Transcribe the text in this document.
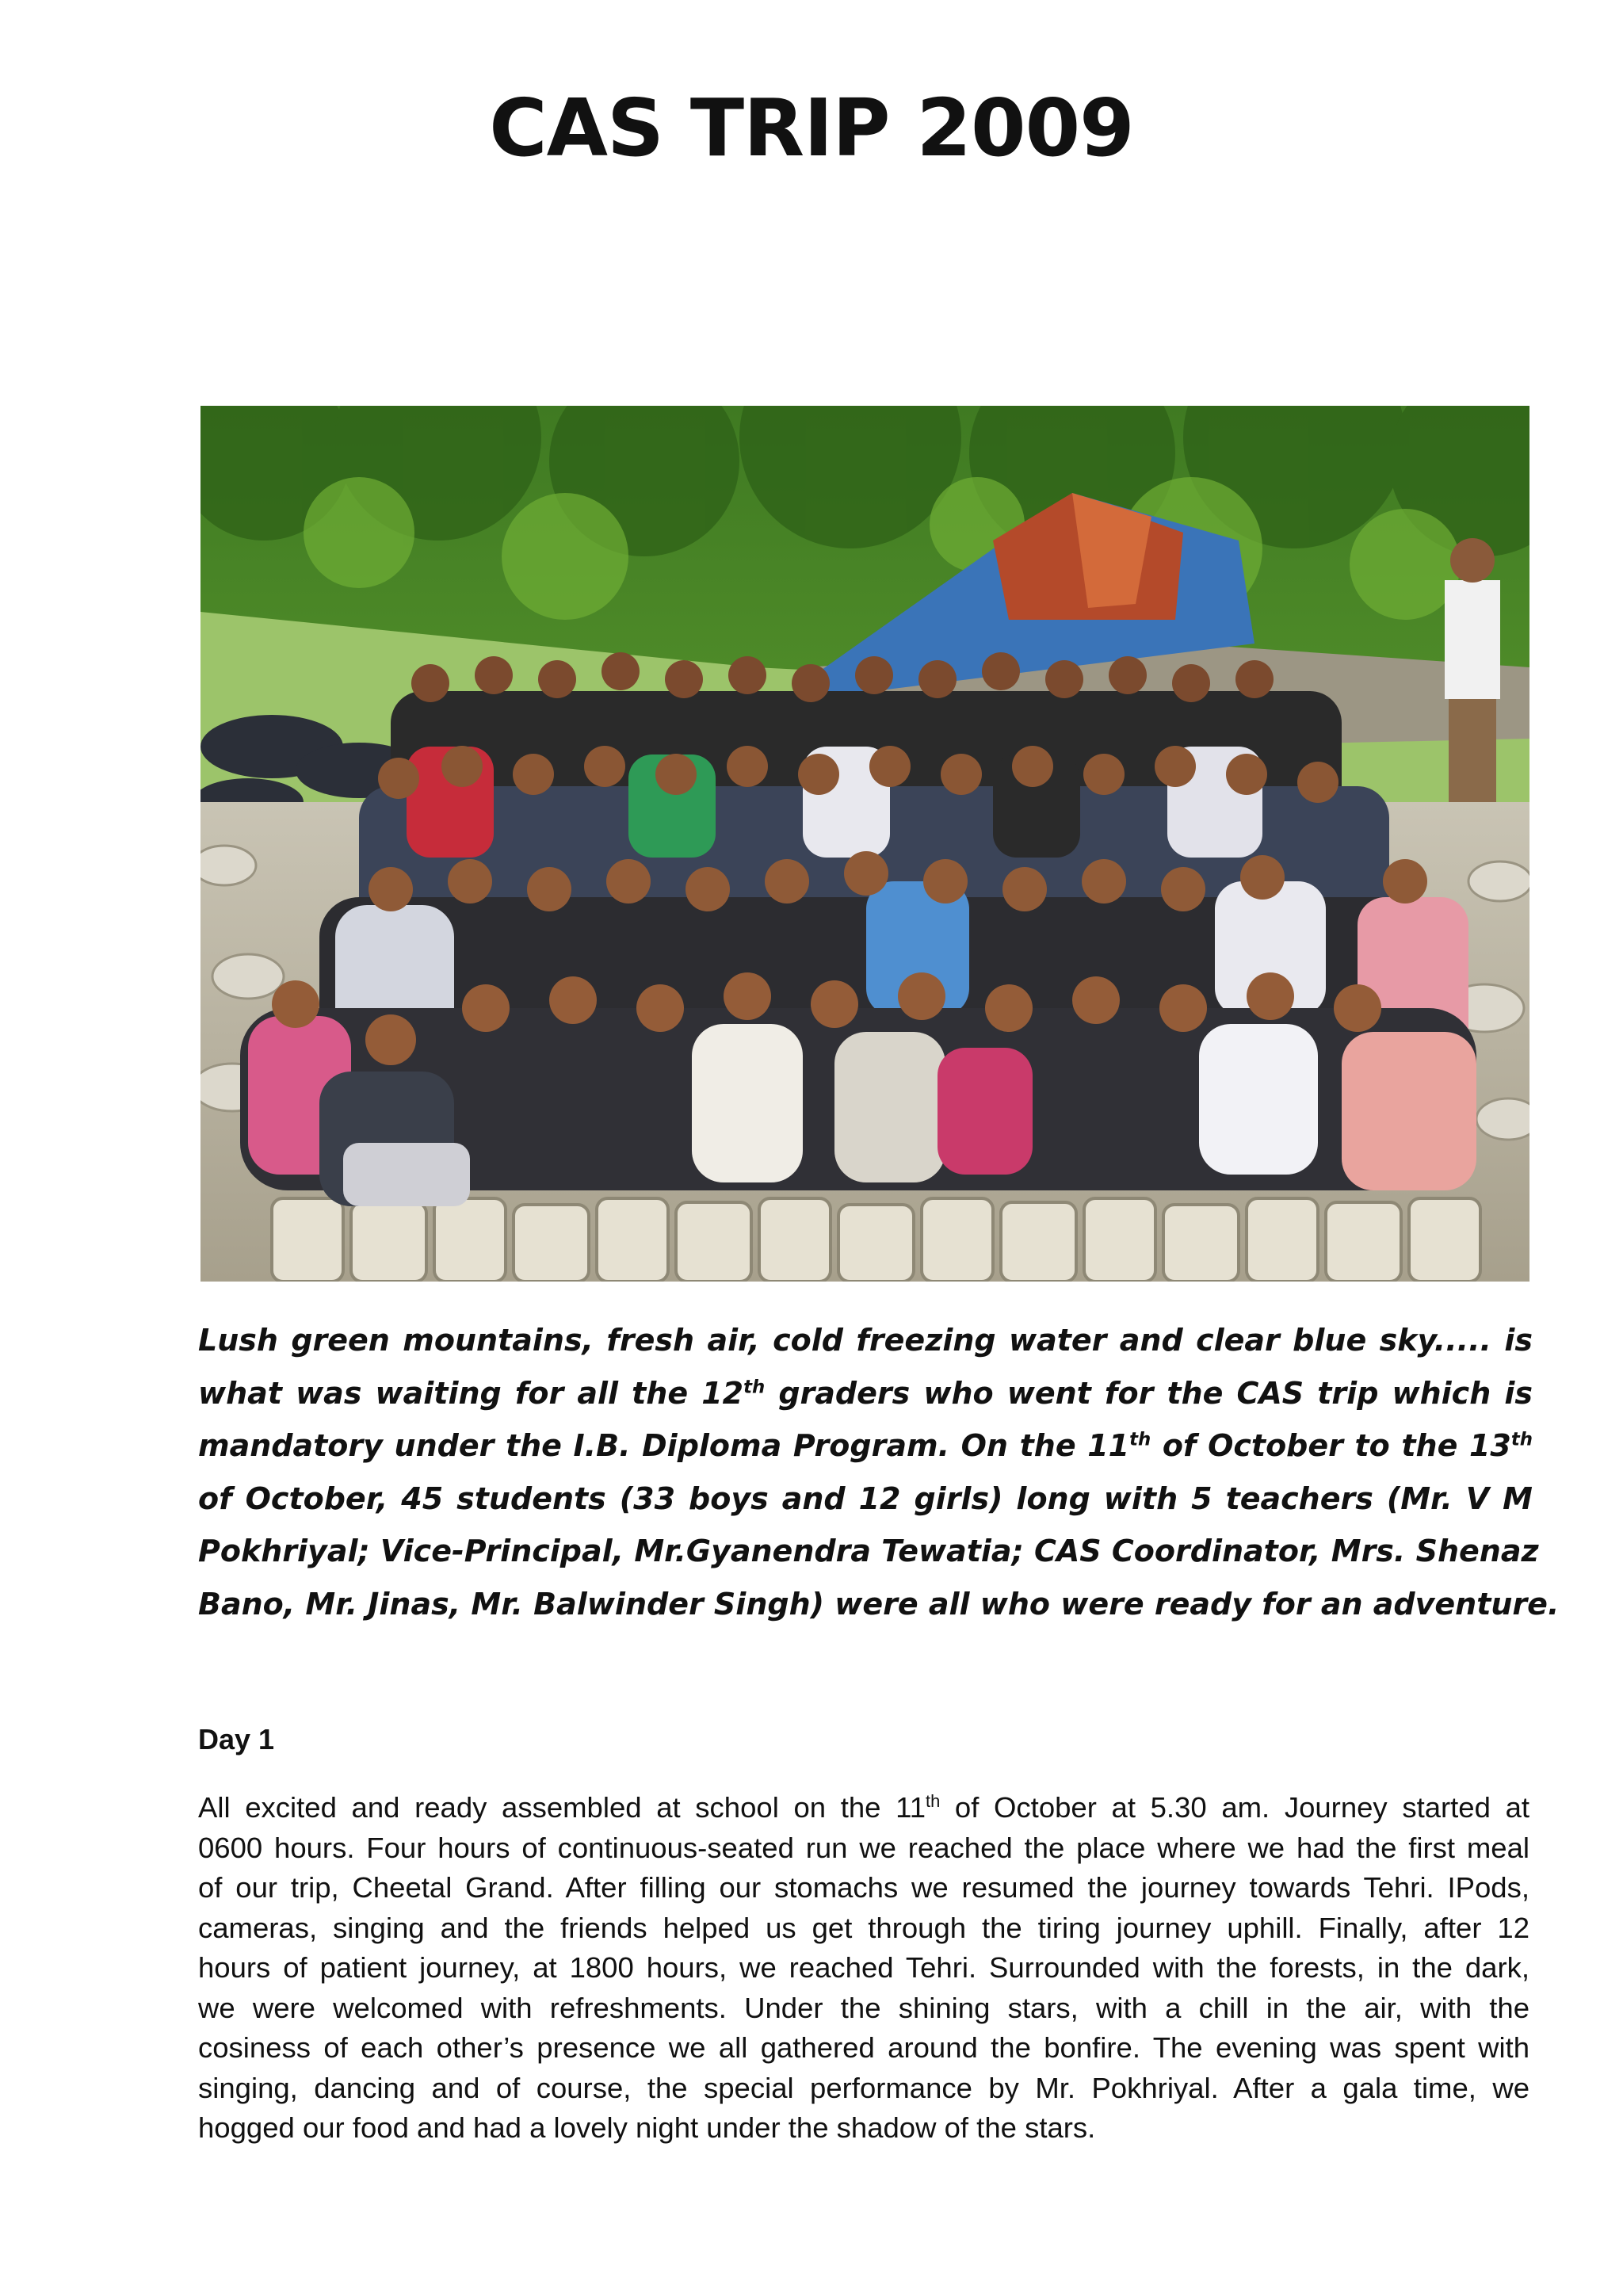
CAS TRIP 2009
Lush green mountains, fresh air, cold freezing water and clear blue sky..... is
what was waiting for all the 12th graders who went for the CAS trip which is
mandatory under the I.B. Diploma Program. On the 11th of October to the 13th
of October, 45 students (33 boys and 12 girls) long with 5 teachers (Mr. V M
Pokhriyal; Vice-Principal, Mr.Gyanendra Tewatia; CAS Coordinator, Mrs. Shenaz
Bano, Mr. Jinas, Mr. Balwinder Singh) were all who were ready for an adventure.
Day 1
All excited and ready assembled at school on the 11th of October at 5.30 am. Journey started at
0600 hours. Four hours of continuous-seated run we reached the place where we had the first meal
of our trip, Cheetal Grand. After filling our stomachs we resumed the journey towards Tehri. IPods,
cameras, singing and the friends helped us get through the tiring journey uphill. Finally, after 12
hours of patient journey, at 1800 hours, we reached Tehri. Surrounded with the forests, in the dark,
we were welcomed with refreshments. Under the shining stars, with a chill in the air, with the
cosiness of each other’s presence we all gathered around the bonfire. The evening was spent with
singing, dancing and of course, the special performance by Mr. Pokhriyal. After a gala time, we
hogged our food and had a lovely night under the shadow of the stars.
